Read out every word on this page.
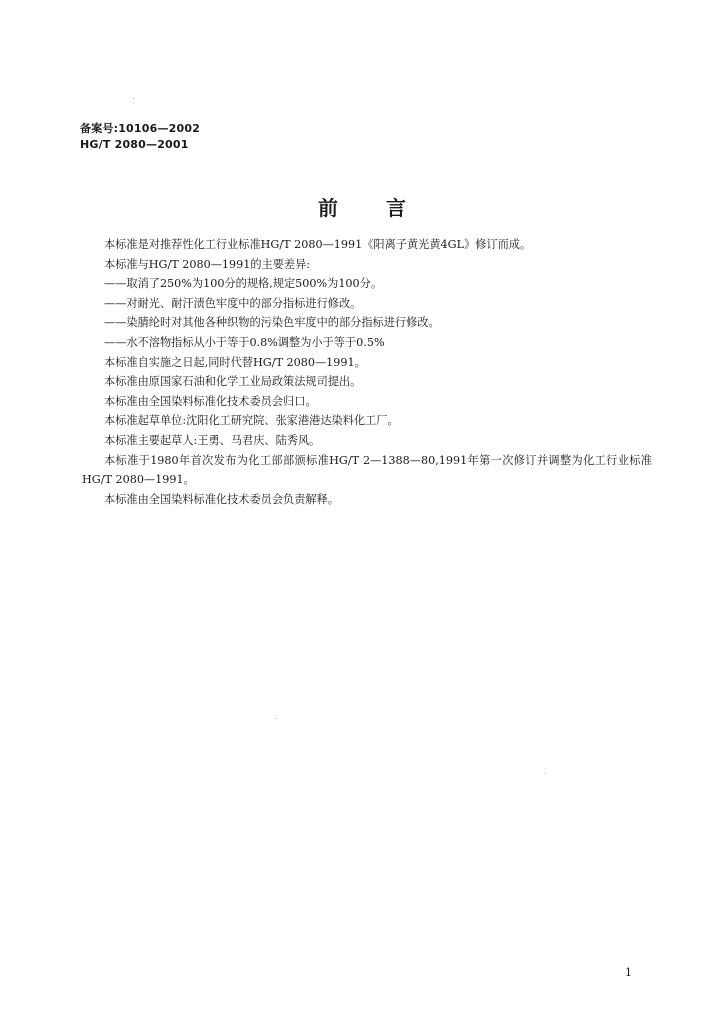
备案号:10106—2002
HG/T 2080—2001
前言

本标准是对推荐性化工行业标准HG/T 2080—1991《阳离子黄光黄4GL》修订而成。

本标准与HG/T 2080—1991的主要差异:

——取消了250%为100分的规格,规定500%为100分。

——对耐光、耐汗渍色牢度中的部分指标进行修改。

——染腈纶时对其他各种织物的污染色牢度中的部分指标进行修改。

——水不溶物指标从小于等于0.8%调整为小于等于0.5%

本标准自实施之日起,同时代替HG/T 2080—1991。

本标准由原国家石油和化学工业局政策法规司提出。

本标准由全国染料标准化技术委员会归口。

本标准起草单位:沈阳化工研究院、张家港港达染料化工厂。

本标准主要起草人:王勇、马君庆、陆秀风。

本标准于1980年首次发布为化工部部颁标准HG/T 2—1388—80,1991年第一次修订并调整为化工行业标准HG/T 2080—1991。

本标准由全国染料标准化技术委员会负责解释。

1
